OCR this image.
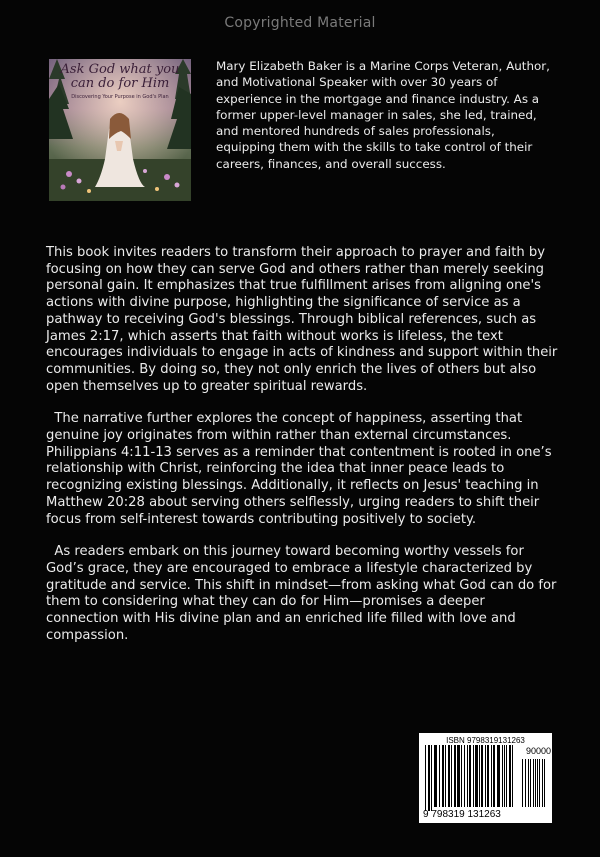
Copyrighted Material
Ask God what you
can do for Him
Discovering Your Purpose in God's Plan
Mary Elizabeth Baker is a Marine Corps Veteran, Author, and Motivational Speaker with over 30 years of experience in the mortgage and finance industry. As a former upper-level manager in sales, she led, trained, and mentored hundreds of sales professionals, equipping them with the skills to take control of their careers, finances, and overall success.

This book invites readers to transform their approach to prayer and faith by focusing on how they can serve God and others rather than merely seeking personal gain. It emphasizes that true fulfillment arises from aligning one's actions with divine purpose, highlighting the significance of service as a pathway to receiving God's blessings. Through biblical references, such as James 2:17, which asserts that faith without works is lifeless, the text encourages individuals to engage in acts of kindness and support within their communities. By doing so, they not only enrich the lives of others but also open themselves up to greater spiritual rewards.

The narrative further explores the concept of happiness, asserting that genuine joy originates from within rather than external circumstances. Philippians 4:11-13 serves as a reminder that contentment is rooted in one’s relationship with Christ, reinforcing the idea that inner peace leads to recognizing existing blessings. Additionally, it reflects on Jesus' teaching in Matthew 20:28 about serving others selflessly, urging readers to shift their focus from self-interest towards contributing positively to society.

As readers embark on this journey toward becoming worthy vessels for God’s grace, they are encouraged to embrace a lifestyle characterized by gratitude and service. This shift in mindset—from asking what God can do for them to considering what they can do for Him—promises a deeper connection with His divine plan and an enriched life filled with love and compassion.

ISBN 9798319131263
90000
9 798319 131263
